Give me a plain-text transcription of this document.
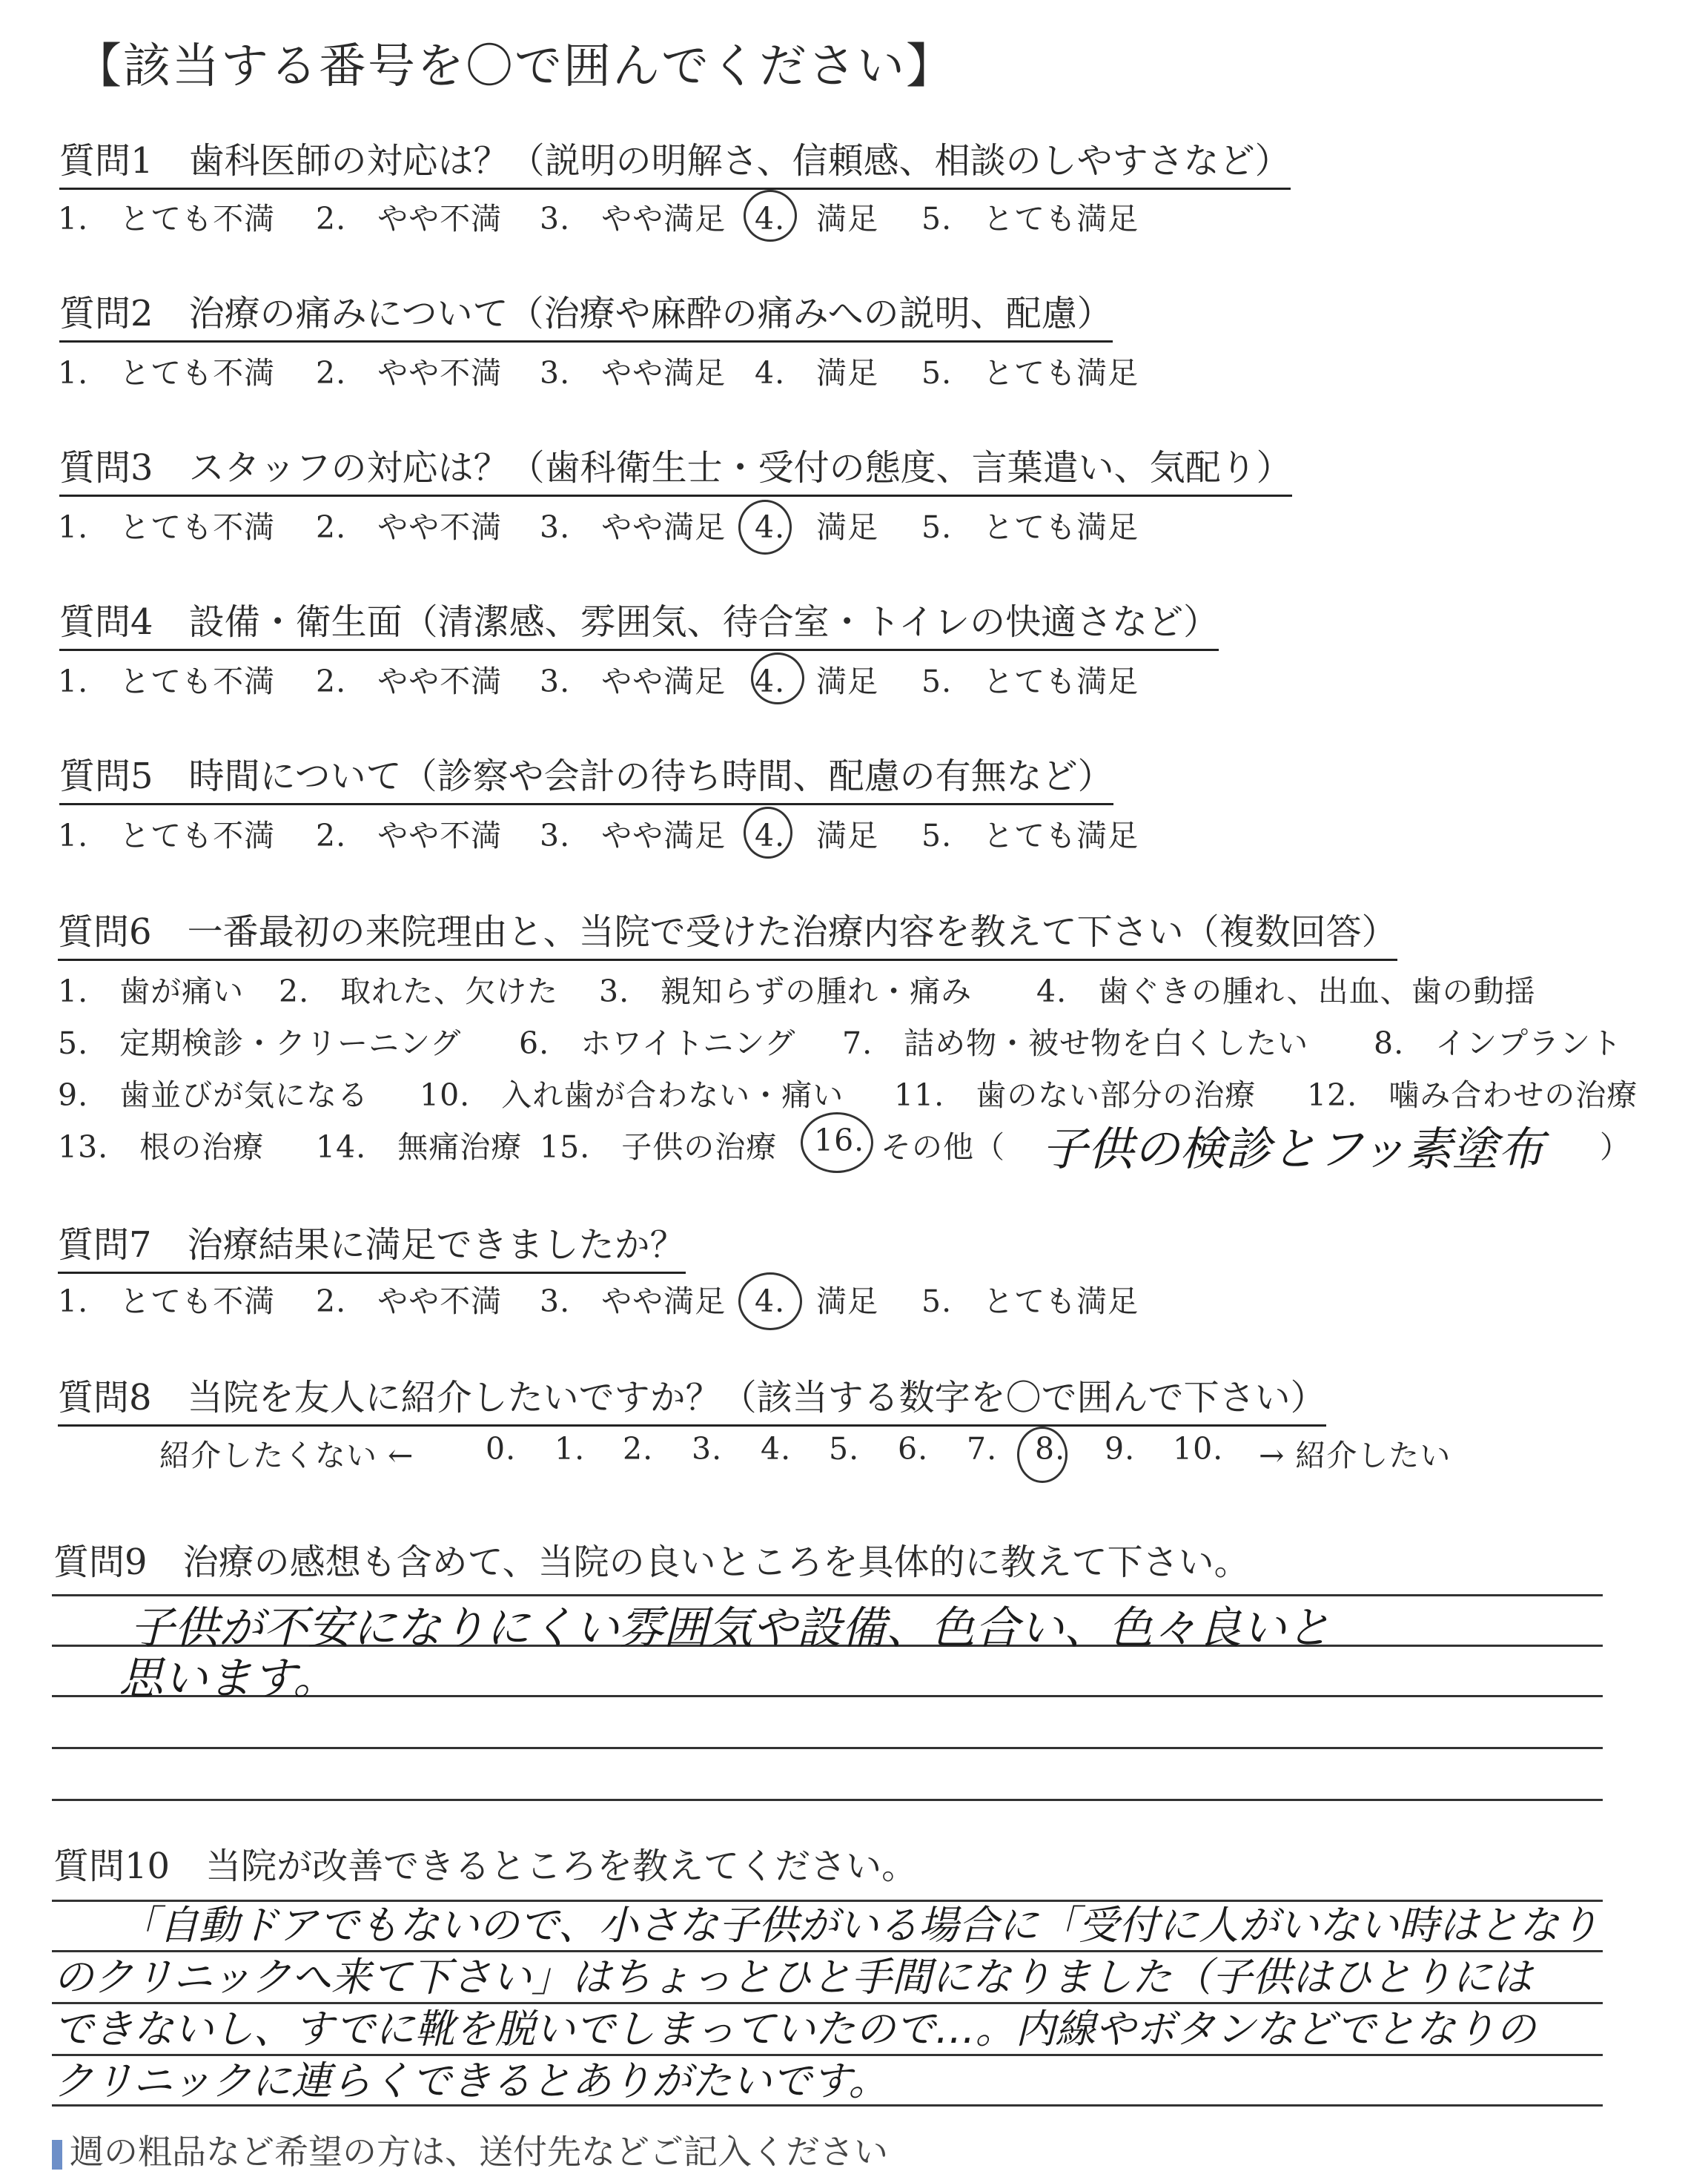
【該当する番号を〇で囲んでください】
質問1　 歯科医師の対応は？（説明の明解さ、信頼感、相談のしやすさなど）
1.　とても不満 2.　やや不満 3.　やや満足 4.　満足 5.　とても満足
質問2　 治療の痛みについて（治療や麻酔の痛みへの説明、配慮）
1.　とても不満 2.　やや不満 3.　やや満足 4.　満足 5.　とても満足
質問3　 スタッフの対応は？（歯科衛生士・受付の態度、言葉遣い、気配り）
1.　とても不満 2.　やや不満 3.　やや満足 4.　満足 5.　とても満足
質問4　 設備・衛生面（清潔感、雰囲気、待合室・トイレの快適さなど）
1.　とても不満 2.　やや不満 3.　やや満足 4.　満足 5.　とても満足
質問5　 時間について（診察や会計の待ち時間、配慮の有無など）
1.　とても不満 2.　やや不満 3.　やや満足 4.　満足 5.　とても満足
質問6　 一番最初の来院理由と、当院で受けた治療内容を教えて下さい（複数回答）
1.　歯が痛い 2.　取れた、欠けた 3.　親知らずの腫れ・痛み 4.　歯ぐきの腫れ、出血、歯の動揺
5.　定期検診・クリーニング 6.　ホワイトニング 7.　詰め物・被せ物を白くしたい 8.　インプラント
9.　歯並びが気になる 10.　入れ歯が合わない・痛い 11.　歯のない部分の治療 12.　噛み合わせの治療
13.　根の治療 14.　無痛治療 15.　子供の治療 16. その他（	）
子供の検診とフッ素塗布
質問7　 治療結果に満足できましたか？
1.　とても不満 2.　やや不満 3.　やや満足 4.　満足 5.　とても満足
質問8　 当院を友人に紹介したいですか？（該当する数字を〇で囲んで下さい）
紹介したくない ← 0. 1. 2. 3. 4. 5. 6. 7. 8. 9. 10. → 紹介したい
質問9　 治療の感想も含めて、当院の良いところを具体的に教えて下さい。
子供が不安になりにくい雰囲気や設備、色合い、色々良いと
思います。
質問10　 当院が改善できるところを教えてください。
「自動ドアでもないので、小さな子供がいる場合に「受付に人がいない時はとなり
のクリニックへ来て下さい」はちょっとひと手間になりました（子供はひとりには
できないし、すでに靴を脱いでしまっていたので…。内線やボタンなどでとなりの
クリニックに連らくできるとありがたいです。
週の粗品など希望の方は、送付先などご記入ください
